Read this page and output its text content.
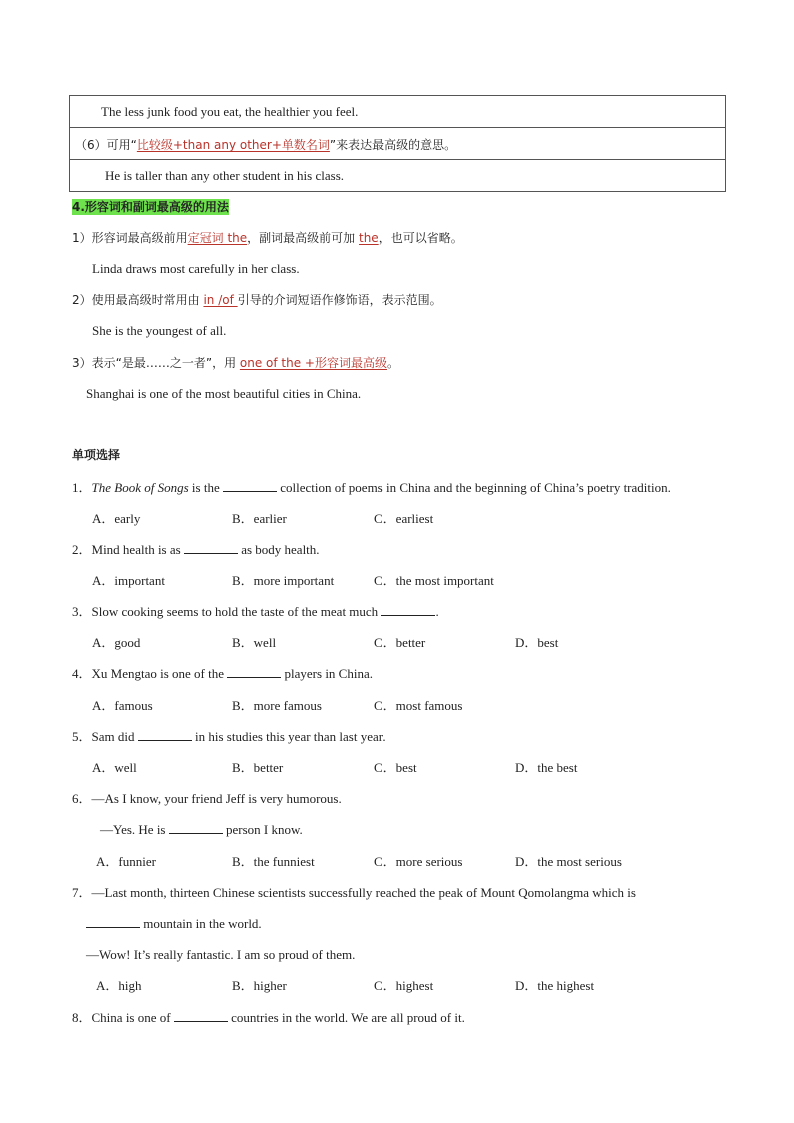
The less junk food you eat, the healthier you feel.
（6）可用“比较级+than any other+单数名词”来表达最高级的意思。
He is taller than any other student in his class.
4.形容词和副词最高级的用法
1）形容词最高级前用定冠词 the，副词最高级前可加 the，也可以省略。
Linda draws most carefully in her class.
2）使用最高级时常用由 in /of 引导的介词短语作修饰语，表示范围。
She is the youngest of all.
3）表示“是最……之一者”，用 one of the +形容词最高级。
Shanghai is one of the most beautiful cities in China.
单项选择
1．The Book of Songs is the	collection of poems in China and the beginning of China’s poetry tradition.
A．early	B．earlier	C．earliest
2．Mind health is as	as body health.
A．important	B．more important	C．the most important
3．Slow cooking seems to hold the taste of the meat much	.
A．good	B．well	C．better	D．best
4．Xu Mengtao is one of the	players in China.
A．famous	B．more famous	C．most famous
5．Sam did	in his studies this year than last year.
A．well	B．better	C．best	D．the best
6．—As I know, your friend Jeff is very humorous.
—Yes. He is	person I know.
A．funnier	B．the funniest	C．more serious	D．the most serious
7．—Last month, thirteen Chinese scientists successfully reached the peak of Mount Qomolangma which is
mountain in the world.
—Wow! It’s really fantastic. I am so proud of them.
A．high	B．higher	C．highest	D．the highest
8．China is one of	countries in the world. We are all proud of it.
